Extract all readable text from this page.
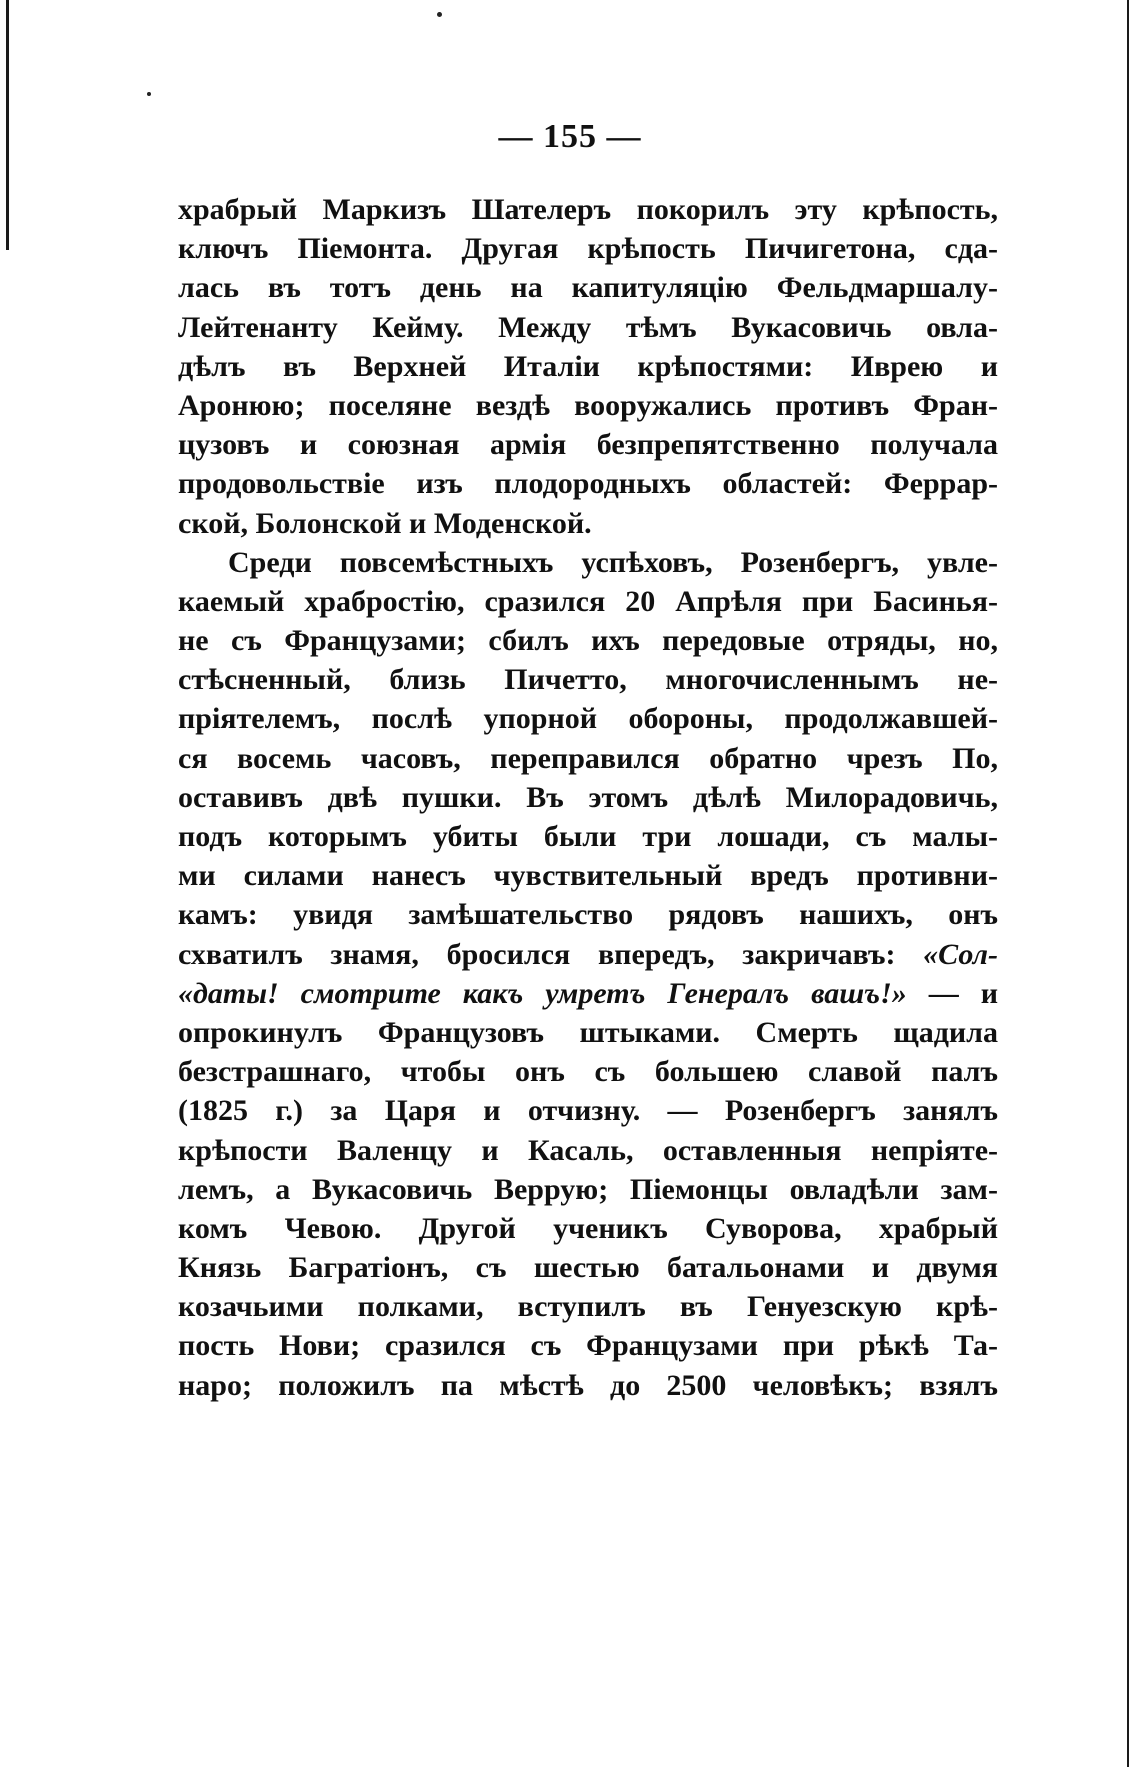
— 155 —
храбрый Маркизъ Шателеръ покорилъ эту крѣпость,
ключъ Піемонта. Другая крѣпость Пичигетона, сда-
лась въ тотъ день на капитуляцію Фельдмаршалу-
Лейтенанту Кейму. Между тѣмъ Вукасовичь овла-
дѣлъ въ Верхней Италіи крѣпостями: Иврею и
Аронюю; поселяне вездѣ вооружались противъ Фран-
цузовъ и союзная армія безпрепятственно получала
продовольствіе изъ плодородныхъ областей: Феррар-
ской, Болонской и Моденской.
Среди повсемѣстныхъ успѣховъ, Розенбергъ, увле-
каемый храбростію, сразился 20 Апрѣля при Басинья-
не съ Французами; сбилъ ихъ передовые отряды, но,
стѣсненный, близь Пичетто, многочисленнымъ не-
пріятелемъ, послѣ упорной обороны, продолжавшей-
ся восемь часовъ, переправился обратно чрезъ По,
оставивъ двѣ пушки. Въ этомъ дѣлѣ Милорадовичь,
подъ которымъ убиты были три лошади, съ малы-
ми силами нанесъ чувствительный вредъ противни-
камъ: увидя замѣшательство рядовъ нашихъ, онъ
схватилъ знамя, бросился впередъ, закричавъ: «Сол-
«даты! смотрите какъ умретъ Генералъ вашъ!» — и
опрокинулъ Французовъ штыками. Смерть щадила
безстрашнаго, чтобы онъ съ большею славой палъ
(1825 г.) за Царя и отчизну. — Розенбергъ занялъ
крѣпости Валенцу и Касаль, оставленныя непріяте-
лемъ, а Вукасовичь Веррую; Піемонцы овладѣли зам-
комъ Чевою. Другой ученикъ Суворова, храбрый
Князь Багратіонъ, съ шестью батальонами и двумя
козачьими полками, вступилъ въ Генуезскую крѣ-
пость Нови; сразился съ Французами при рѣкѣ Та-
наро; положилъ па мѣстѣ до 2500 человѣкъ; взялъ
